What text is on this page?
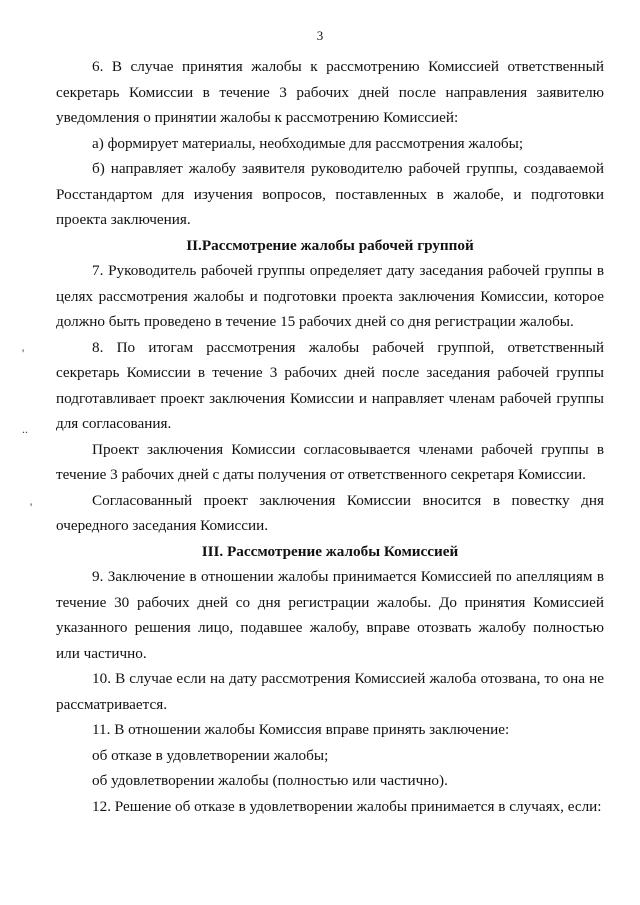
3
'
..
'

6. В случае принятия жалобы к рассмотрению Комиссией ответственный секретарь Комиссии в течение 3 рабочих дней после направления заявителю уведомления о принятии жалобы к рассмотрению Комиссией:

а) формирует материалы, необходимые для рассмотрения жалобы;

б) направляет жалобу заявителя руководителю рабочей группы, создаваемой Росстандартом для изучения вопросов, поставленных в жалобе, и подготовки проекта заключения.

II.Рассмотрение жалобы рабочей группой

7. Руководитель рабочей группы определяет дату заседания рабочей группы в целях рассмотрения жалобы и подготовки проекта заключения Комиссии, которое должно быть проведено в течение 15 рабочих дней со дня регистрации жалобы.

8. По итогам рассмотрения жалобы рабочей группой, ответственный секретарь Комиссии в течение 3 рабочих дней после заседания рабочей группы подготавливает проект заключения Комиссии и направляет членам рабочей группы для согласования.

Проект заключения Комиссии согласовывается членами рабочей группы в течение 3 рабочих дней с даты получения от ответственного секретаря Комиссии.

Согласованный проект заключения Комиссии вносится в повестку дня очередного заседания Комиссии.

III. Рассмотрение жалобы Комиссией

9. Заключение в отношении жалобы принимается Комиссией по апелляциям в течение 30 рабочих дней со дня регистрации жалобы. До принятия Комиссией указанного решения лицо, подавшее жалобу, вправе отозвать жалобу полностью или частично.

10. В случае если на дату рассмотрения Комиссией жалоба отозвана, то она не рассматривается.

11. В отношении жалобы Комиссия вправе принять заключение:

об отказе в удовлетворении жалобы;

об удовлетворении жалобы (полностью или частично).

12. Решение об отказе в удовлетворении жалобы принимается в случаях, если:
